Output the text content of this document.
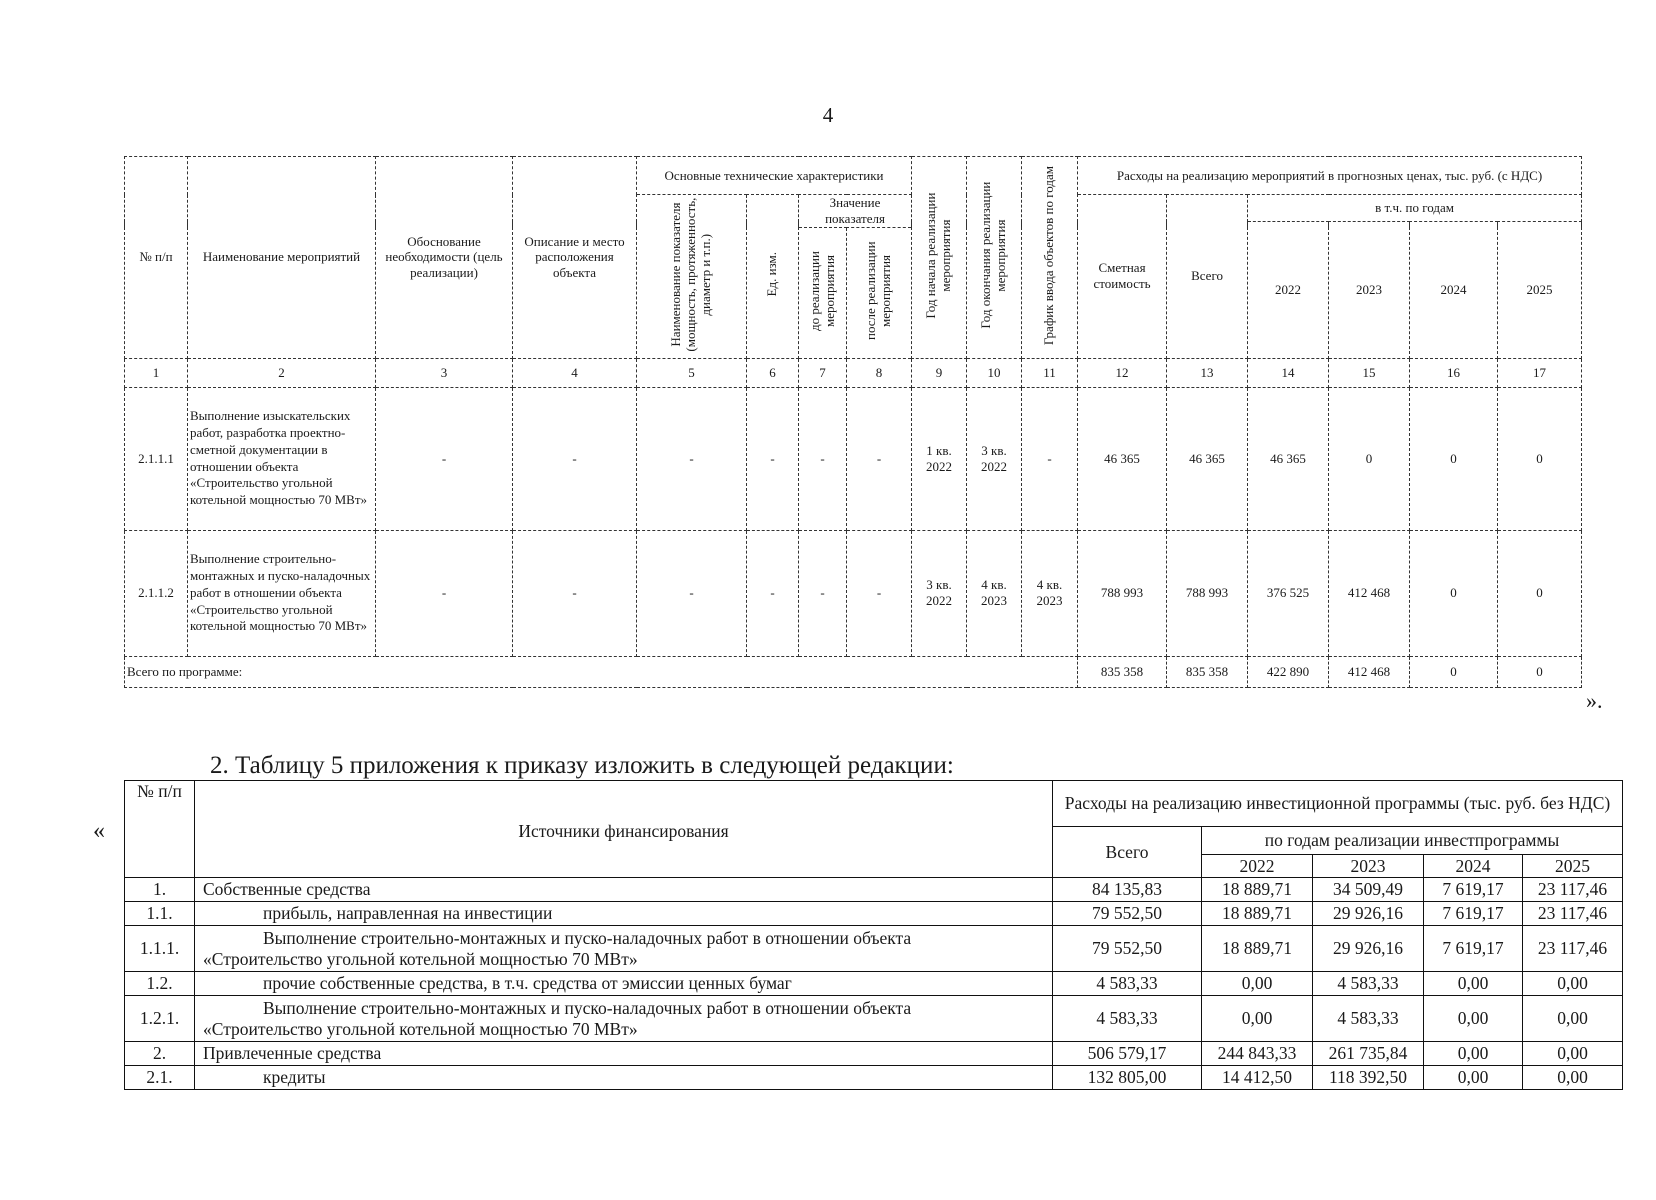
4
№ п/п	Наименование мероприятий	Обоснование необходимости (цель реализации)	Описание и место расположения объекта	Основные технические характеристики				Год начала реализации мероприятия	Год окончания реализации мероприятия	График ввода объектов по годам	Расходы на реализацию мероприятий в прогнозных ценах, тыс. руб. (с НДС)					
				Наименование показателя (мощность, протяженность, диаметр и т.п.)	Ед. изм.	Значение показателя					Сметная стоимость	Всего	в т.ч. по годам			
													2022	2023	2024	2025
						до реализации мероприятия	после реализации мероприятия									
1	2	3	4	5	6	7	8	9	10	11	12	13	14	15	16	17
2.1.1.1	Выполнение изыскательских работ, разработка проектно-сметной документации в отношении объекта «Строительство угольной котельной мощностью 70 МВт»	-	-	-	-	-	-	1 кв. 2022	3 кв. 2022	-	46 365	46 365	46 365	0	0	0
2.1.1.2	Выполнение строительно-монтажных и пуско-наладочных работ в отношении объекта «Строительство угольной котельной мощностью 70 МВт»	-	-	-	-	-	-	3 кв. 2022	4 кв. 2023	4 кв. 2023	788 993	788 993	376 525	412 468	0	0
Всего по программе:											835 358	835 358	422 890	412 468	0	0
».
2. Таблицу 5 приложения к приказу изложить в следующей редакции:
«
№ п/п	Источники финансирования	Расходы на реализацию инвестиционной программы (тыс. руб. без НДС)				
		Всего	по годам реализации инвестпрограммы			
			2022	2023	2024	2025
1.	Собственные средства	84 135,83	18 889,71	34 509,49	7 619,17	23 117,46
1.1.	прибыль, направленная на инвестиции	79 552,50	18 889,71	29 926,16	7 619,17	23 117,46
1.1.1.	Выполнение строительно-монтажных и пуско-наладочных работ в отношении объекта
«Строительство угольной котельной мощностью 70 МВт»	79 552,50	18 889,71	29 926,16	7 619,17	23 117,46
1.2.	прочие собственные средства, в т.ч. средства от эмиссии ценных бумаг	4 583,33	0,00	4 583,33	0,00	0,00
1.2.1.	Выполнение строительно-монтажных и пуско-наладочных работ в отношении объекта
«Строительство угольной котельной мощностью 70 МВт»	4 583,33	0,00	4 583,33	0,00	0,00
2.	Привлеченные средства	506 579,17	244 843,33	261 735,84	0,00	0,00
2.1.	кредиты	132 805,00	14 412,50	118 392,50	0,00	0,00
